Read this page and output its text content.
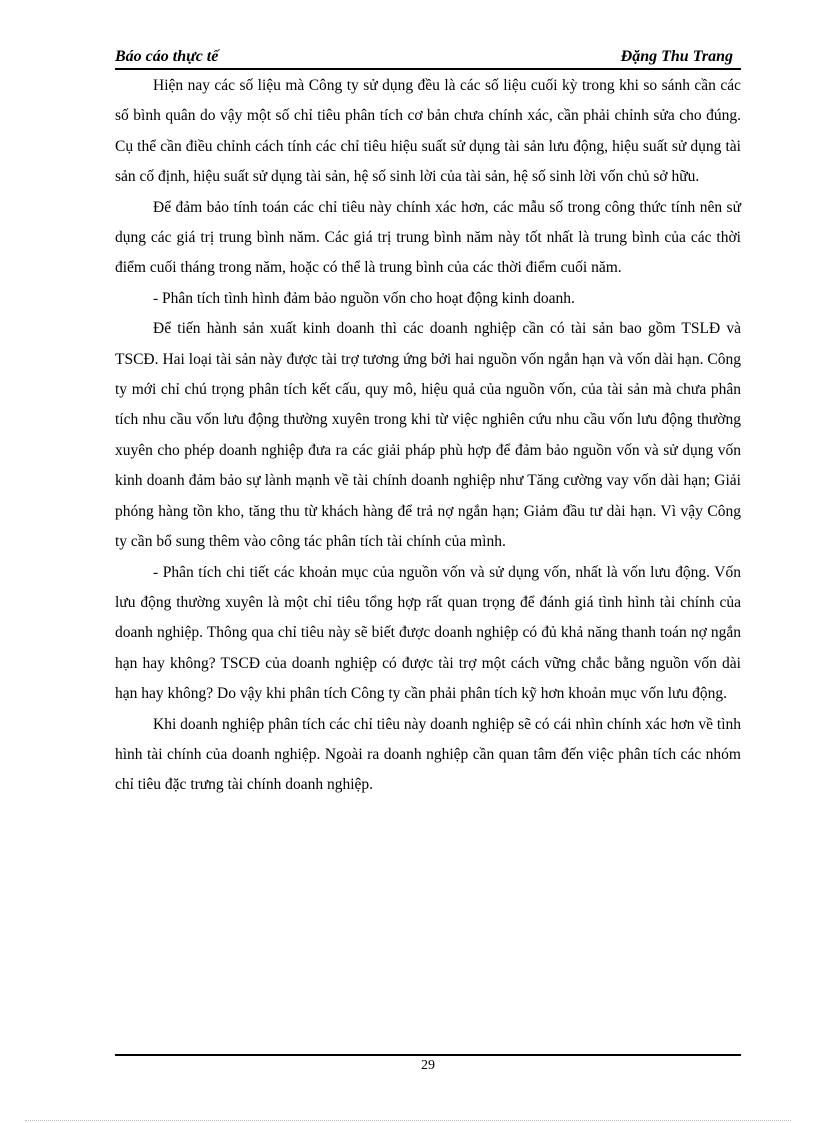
Báo cáo thực tế	Đặng Thu Trang

Hiện nay các số liệu mà Công ty sử dụng đều là các số liệu cuối kỳ trong khi so sánh cần các số bình quân do vậy một số chỉ tiêu phân tích cơ bản chưa chính xác, cần phải chỉnh sửa cho đúng. Cụ thể cần điều chỉnh cách tính các chỉ tiêu hiệu suất sử dụng tài sản lưu động, hiệu suất sử dụng tài sản cố định, hiệu suất sử dụng tài sản, hệ số sinh lời của tài sản, hệ số sinh lời vốn chủ sở hữu.

Để đảm bảo tính toán các chỉ tiêu này chính xác hơn, các mẫu số trong công thức tính nên sử dụng các giá trị trung bình năm. Các giá trị trung bình năm này tốt nhất là trung bình của các thời điểm cuối tháng trong năm, hoặc có thể là trung bình của các thời điểm cuối năm.

- Phân tích tình hình đảm bảo nguồn vốn cho hoạt động kinh doanh.

Để tiến hành sản xuất kinh doanh thì các doanh nghiệp cần có tài sản bao gồm TSLĐ và TSCĐ. Hai loại tài sản này được tài trợ tương ứng bởi hai nguồn vốn ngắn hạn và vốn dài hạn. Công ty mới chỉ chú trọng phân tích kết cấu, quy mô, hiệu quả của nguồn vốn, của tài sản mà chưa phân tích nhu cầu vốn lưu động thường xuyên trong khi từ việc nghiên cứu nhu cầu vốn lưu động thường xuyên cho phép doanh nghiệp đưa ra các giải pháp phù hợp để đảm bảo nguồn vốn và sử dụng vốn kinh doanh đảm bảo sự lành mạnh về tài chính doanh nghiệp như Tăng cường vay vốn dài hạn; Giải phóng hàng tồn kho, tăng thu từ khách hàng để trả nợ ngắn hạn; Giảm đầu tư dài hạn. Vì vậy Công ty cần bổ sung thêm vào công tác phân tích tài chính của mình.

- Phân tích chi tiết các khoản mục của nguồn vốn và sử dụng vốn, nhất là vốn lưu động. Vốn lưu động thường xuyên là một chỉ tiêu tổng hợp rất quan trọng để đánh giá tình hình tài chính của doanh nghiệp. Thông qua chỉ tiêu này sẽ biết được doanh nghiệp có đủ khả năng thanh toán nợ ngắn hạn hay không? TSCĐ của doanh nghiệp có được tài trợ một cách vững chắc bằng nguồn vốn dài hạn hay không? Do vậy khi phân tích Công ty cần phải phân tích kỹ hơn khoản mục vốn lưu động.

Khi doanh nghiệp phân tích các chỉ tiêu này doanh nghiệp sẽ có cái nhìn chính xác hơn về tình hình tài chính của doanh nghiệp. Ngoài ra doanh nghiệp cần quan tâm đến việc phân tích các nhóm chỉ tiêu đặc trưng tài chính doanh nghiệp.

29
